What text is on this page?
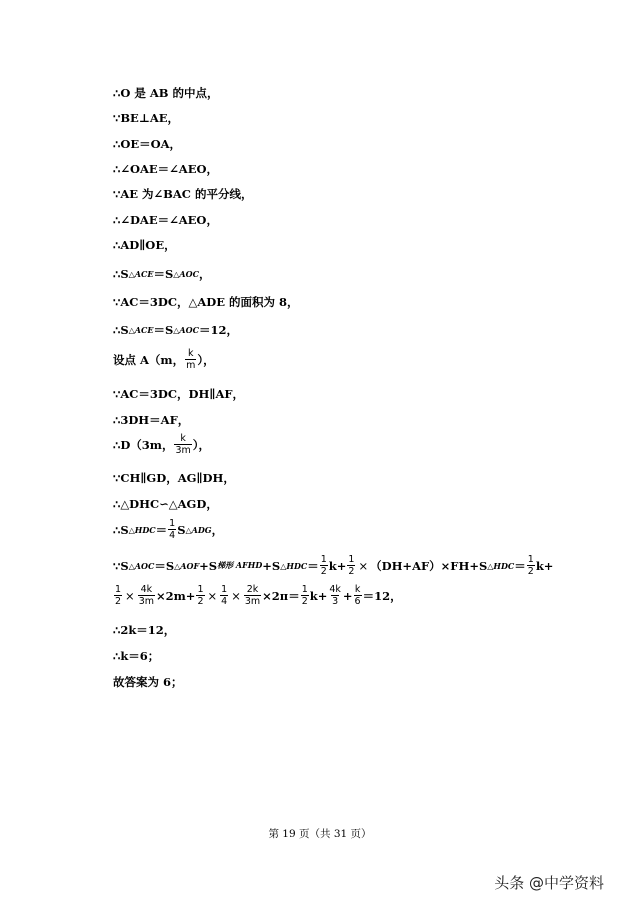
∴O 是 AB 的中点，
∵BE⊥AE，
∴OE＝OA，
∴∠OAE＝∠AEO，
∵AE 为∠BAC 的平分线，
∴∠DAE＝∠AEO，
∴AD∥OE，
∴S △ACE ＝S △AOC ，
∵AC＝3DC，△ADE 的面积为 8，
∴S △ACE ＝S △AOC ＝12，
设点 A（m， $\frac{k}{m}$ ），
∵AC＝3DC，DH∥AF，
∴3DH＝AF，
∴D（3m， $\frac{k}{3m}$ ），
∵CH∥GD，AG∥DH，
∴△DHC∽△AGD，
∴S △HDC ＝ $\frac{1}{4}$ S △ADG ，
∵S △AOC ＝S △AOF +S 梯形 AFHD +S △HDC ＝ $\frac{1}{2} k+ \frac{1}{2} \times (DH+AF) \times FH+S$ △HDC ＝ $\frac{1}{2} k+$
$\frac{1}{2} \times \frac{4k}{3m} \times 2m+ \frac{1}{2} \times \frac{1}{4} \times \frac{2k}{3m} \times 2\pi= \frac{1}{2} k+ \frac{4k}{3} + \frac{k}{6} =12$，
∴2k＝12，
∴k＝6；
故答案为 6；
第 19 页（共 31 页）
头条 @中学资料
